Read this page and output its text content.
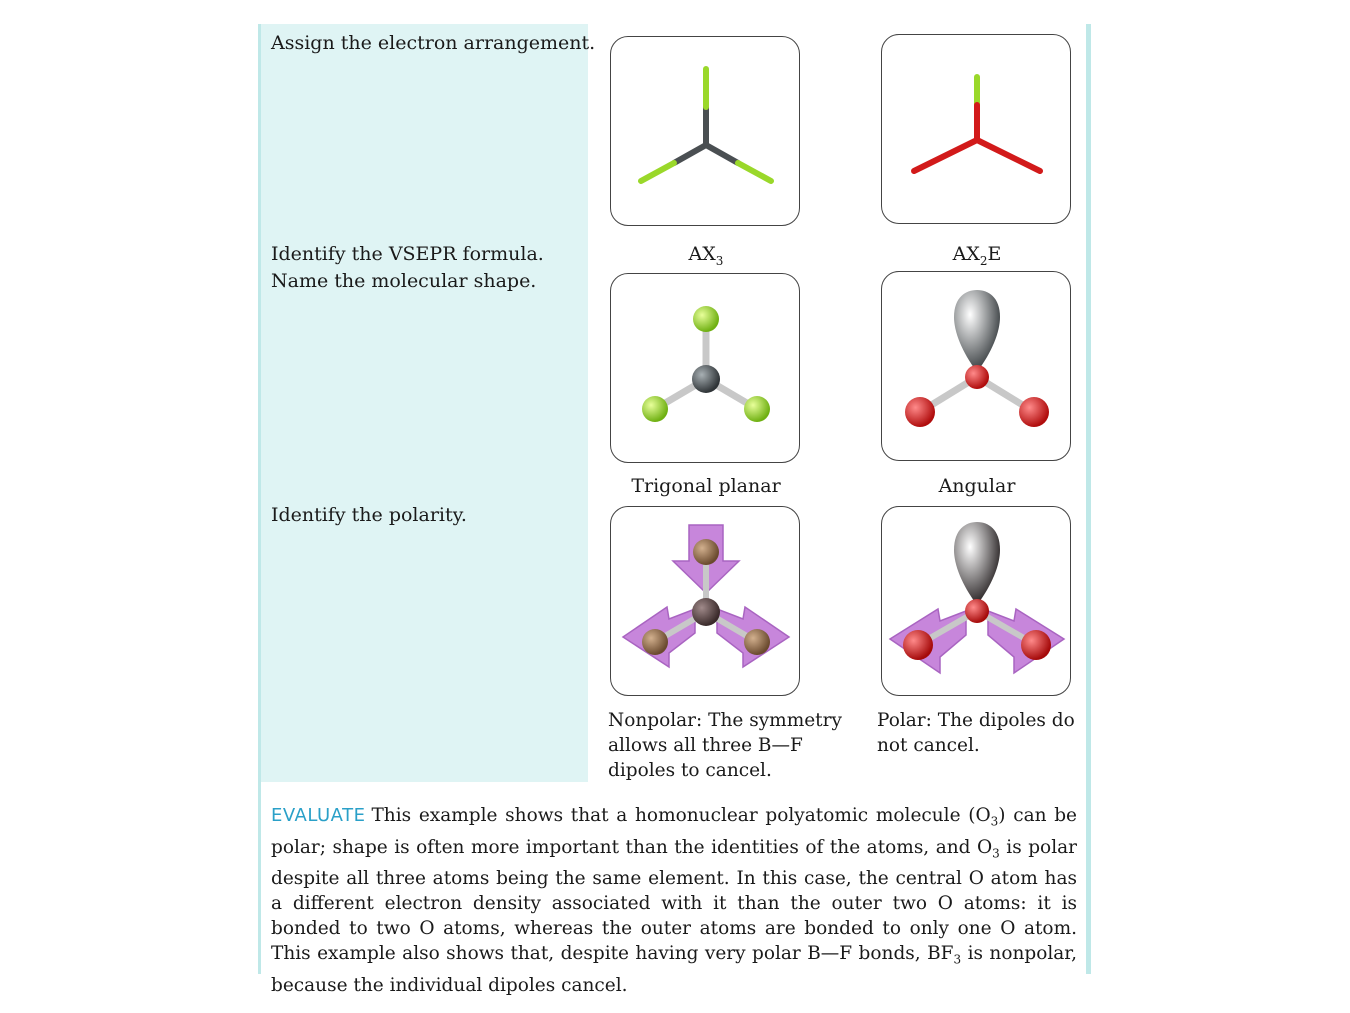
Assign the electron arrangement.
Identify the VSEPR formula.
Name the molecular shape.
Identify the polarity.
$AX_3$	$AX_2E$
Trigonal planar	Angular
Nonpolar: The symmetry
allows all three B—F
dipoles to cancel.
Polar: The dipoles do
not cancel.
EVALUATE This example shows that a homonuclear polyatomic molecule $(O_3)$ can be polar; shape is often more important than the identities of the atoms, and $O_3$ is polar despite all three atoms being the same element. In this case, the central O atom has a different electron density associated with it than the outer two O atoms: it is bonded to two O atoms, whereas the outer atoms are bonded to only one O atom. This example also shows that, despite having very polar B—F bonds, $BF_3$ is nonpolar, because the individual dipoles cancel.
